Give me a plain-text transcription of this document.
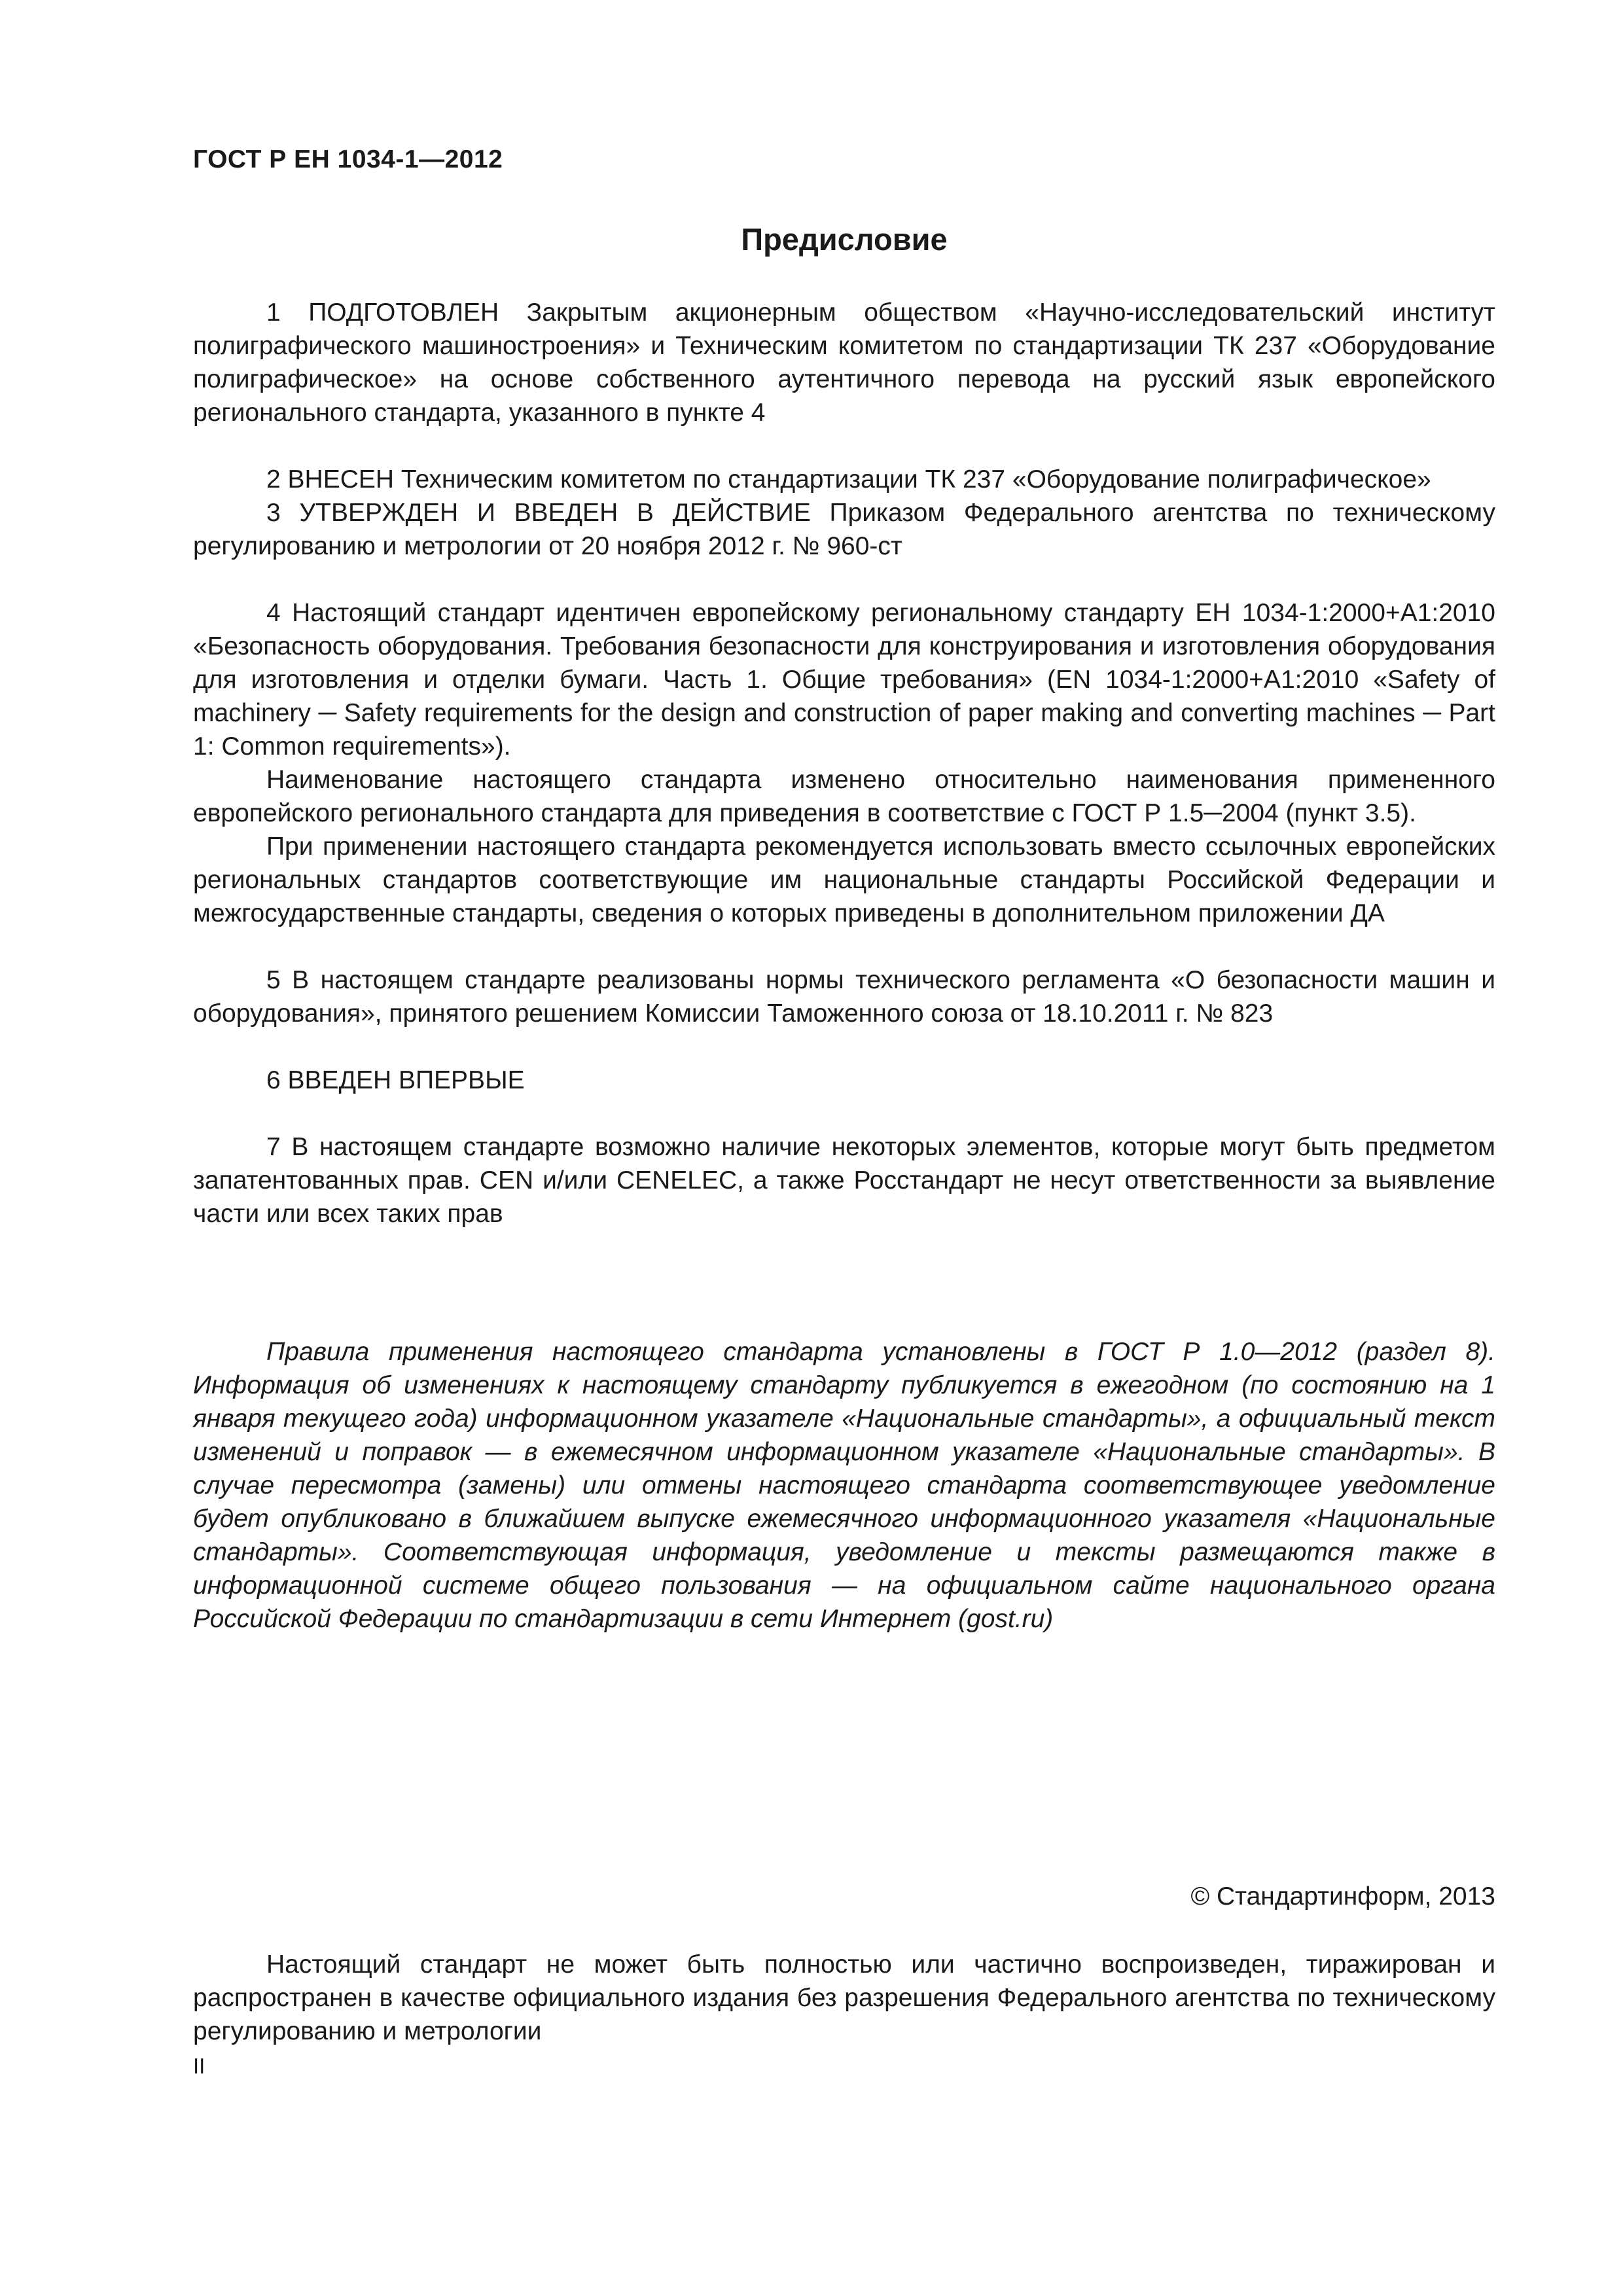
ГОСТ Р ЕН 1034-1—2012
Предисловие

1 ПОДГОТОВЛЕН Закрытым акционерным обществом «Научно-исследовательский институт полиграфического машиностроения» и Техническим комитетом по стандартизации ТК 237 «Оборудование полиграфическое» на основе собственного аутентичного перевода на русский язык европейского регионального стандарта, указанного в пункте 4

2 ВНЕСЕН Техническим комитетом по стандартизации ТК 237 «Оборудование полиграфическое»

3 УТВЕРЖДЕН И ВВЕДЕН В ДЕЙСТВИЕ Приказом Федерального агентства по техническому регулированию и метрологии от 20 ноября 2012 г. № 960-ст

4 Настоящий стандарт идентичен европейскому региональному стандарту ЕН 1034-1:2000+А1:2010 «Безопасность оборудования. Требования безопасности для конструирования и изготовления оборудования для изготовления и отделки бумаги. Часть 1. Общие требования» (EN 1034-1:2000+А1:2010 «Safety of machinery ─ Safety requirements for the design and construction of paper making and converting machines ─ Part 1: Common requirements»).

Наименование настоящего стандарта изменено относительно наименования примененного европейского регионального стандарта для приведения в соответствие с ГОСТ Р 1.5─2004 (пункт 3.5).

При применении настоящего стандарта рекомендуется использовать вместо ссылочных европейских региональных стандартов соответствующие им национальные стандарты Российской Федерации и межгосударственные стандарты, сведения о которых приведены в дополнительном приложении ДА

5 В настоящем стандарте реализованы нормы технического регламента «О безопасности машин и оборудования», принятого решением Комиссии Таможенного союза от 18.10.2011 г. № 823

6 ВВЕДЕН ВПЕРВЫЕ

7 В настоящем стандарте возможно наличие некоторых элементов, которые могут быть предметом запатентованных прав. CEN и/или CENELEC, а также Росстандарт не несут ответственности за выявление части или всех таких прав

Правила применения настоящего стандарта установлены в ГОСТ Р 1.0—2012 (раздел 8). Информация об изменениях к настоящему стандарту публикуется в ежегодном (по состоянию на 1 января текущего года) информационном указателе «Национальные стандарты», а официальный текст изменений и поправок — в ежемесячном информационном указателе «Национальные стандарты». В случае пересмотра (замены) или отмены настоящего стандарта соответствующее уведомление будет опубликовано в ближайшем выпуске ежемесячного информационного указателя «Национальные стандарты». Соответствующая информация, уведомление и тексты размещаются также в информационной системе общего пользования — на официальном сайте национального органа Российской Федерации по стандартизации в сети Интернет (gost.ru)

© Стандартинформ, 2013

Настоящий стандарт не может быть полностью или частично воспроизведен, тиражирован и распространен в качестве официального издания без разрешения Федерального агентства по техническому регулированию и метрологии

II
